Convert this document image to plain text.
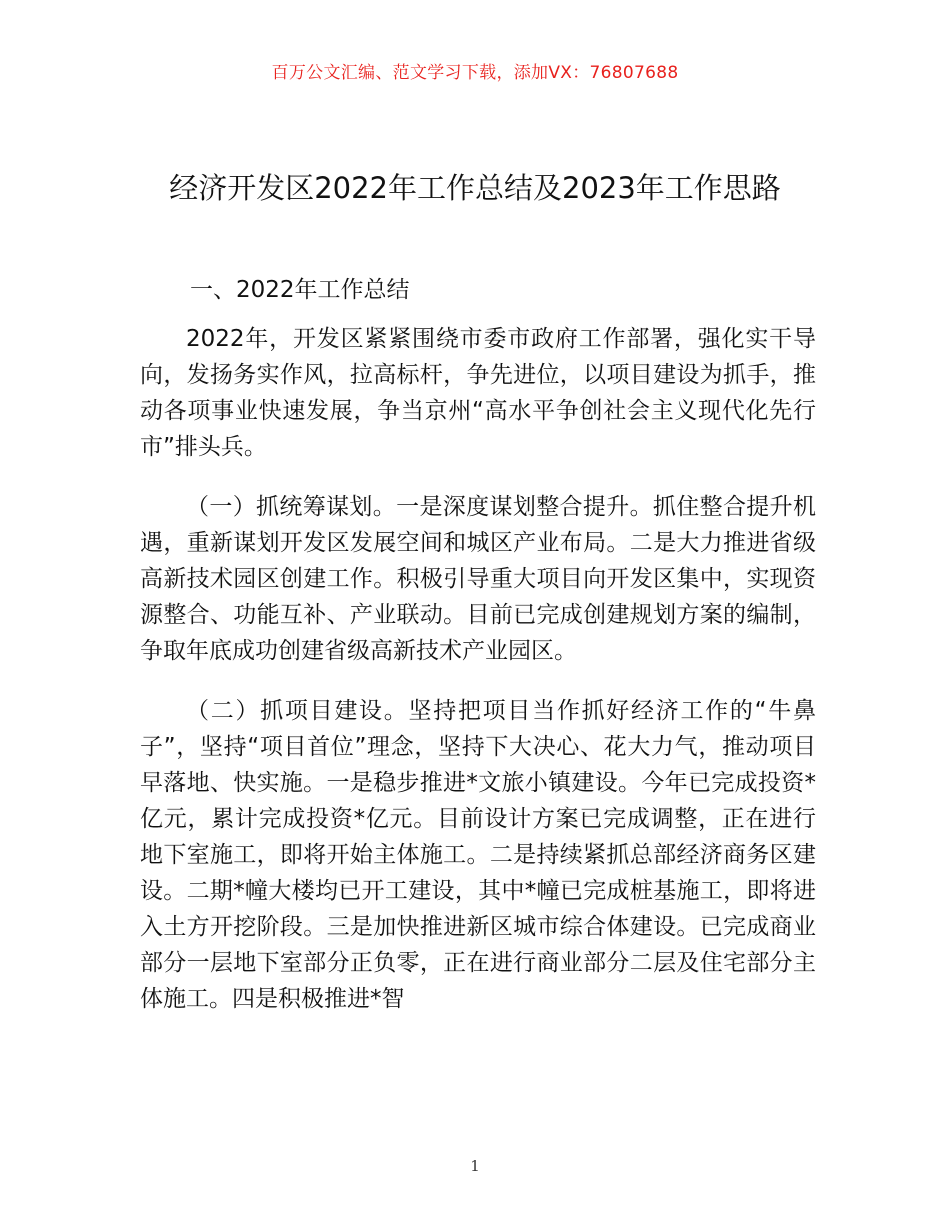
百万公文汇编、范文学习下载，添加VX：76807688
经济开发区2022年工作总结及2023年工作思路
一、2022年工作总结

2022年，开发区紧紧围绕市委市政府工作部署，强化实干导向，发扬务实作风，拉高标杆，争先进位，以项目建设为抓手，推动各项事业快速发展，争当京州“高水平争创社会主义现代化先行市”排头兵。

（一）抓统筹谋划。一是深度谋划整合提升。抓住整合提升机遇，重新谋划开发区发展空间和城区产业布局。二是大力推进省级高新技术园区创建工作。积极引导重大项目向开发区集中，实现资源整合、功能互补、产业联动。目前已完成创建规划方案的编制，争取年底成功创建省级高新技术产业园区。

（二）抓项目建设。坚持把项目当作抓好经济工作的“牛鼻子”，坚持“项目首位”理念，坚持下大决心、花大力气，推动项目早落地、快实施。一是稳步推进*文旅小镇建设。今年已完成投资*亿元，累计完成投资*亿元。目前设计方案已完成调整，正在进行地下室施工，即将开始主体施工。二是持续紧抓总部经济商务区建设。二期*幢大楼均已开工建设，其中*幢已完成桩基施工，即将进入土方开挖阶段。三是加快推进新区城市综合体建设。已完成商业部分一层地下室部分正负零，正在进行商业部分二层及住宅部分主体施工。四是积极推进*智

1
